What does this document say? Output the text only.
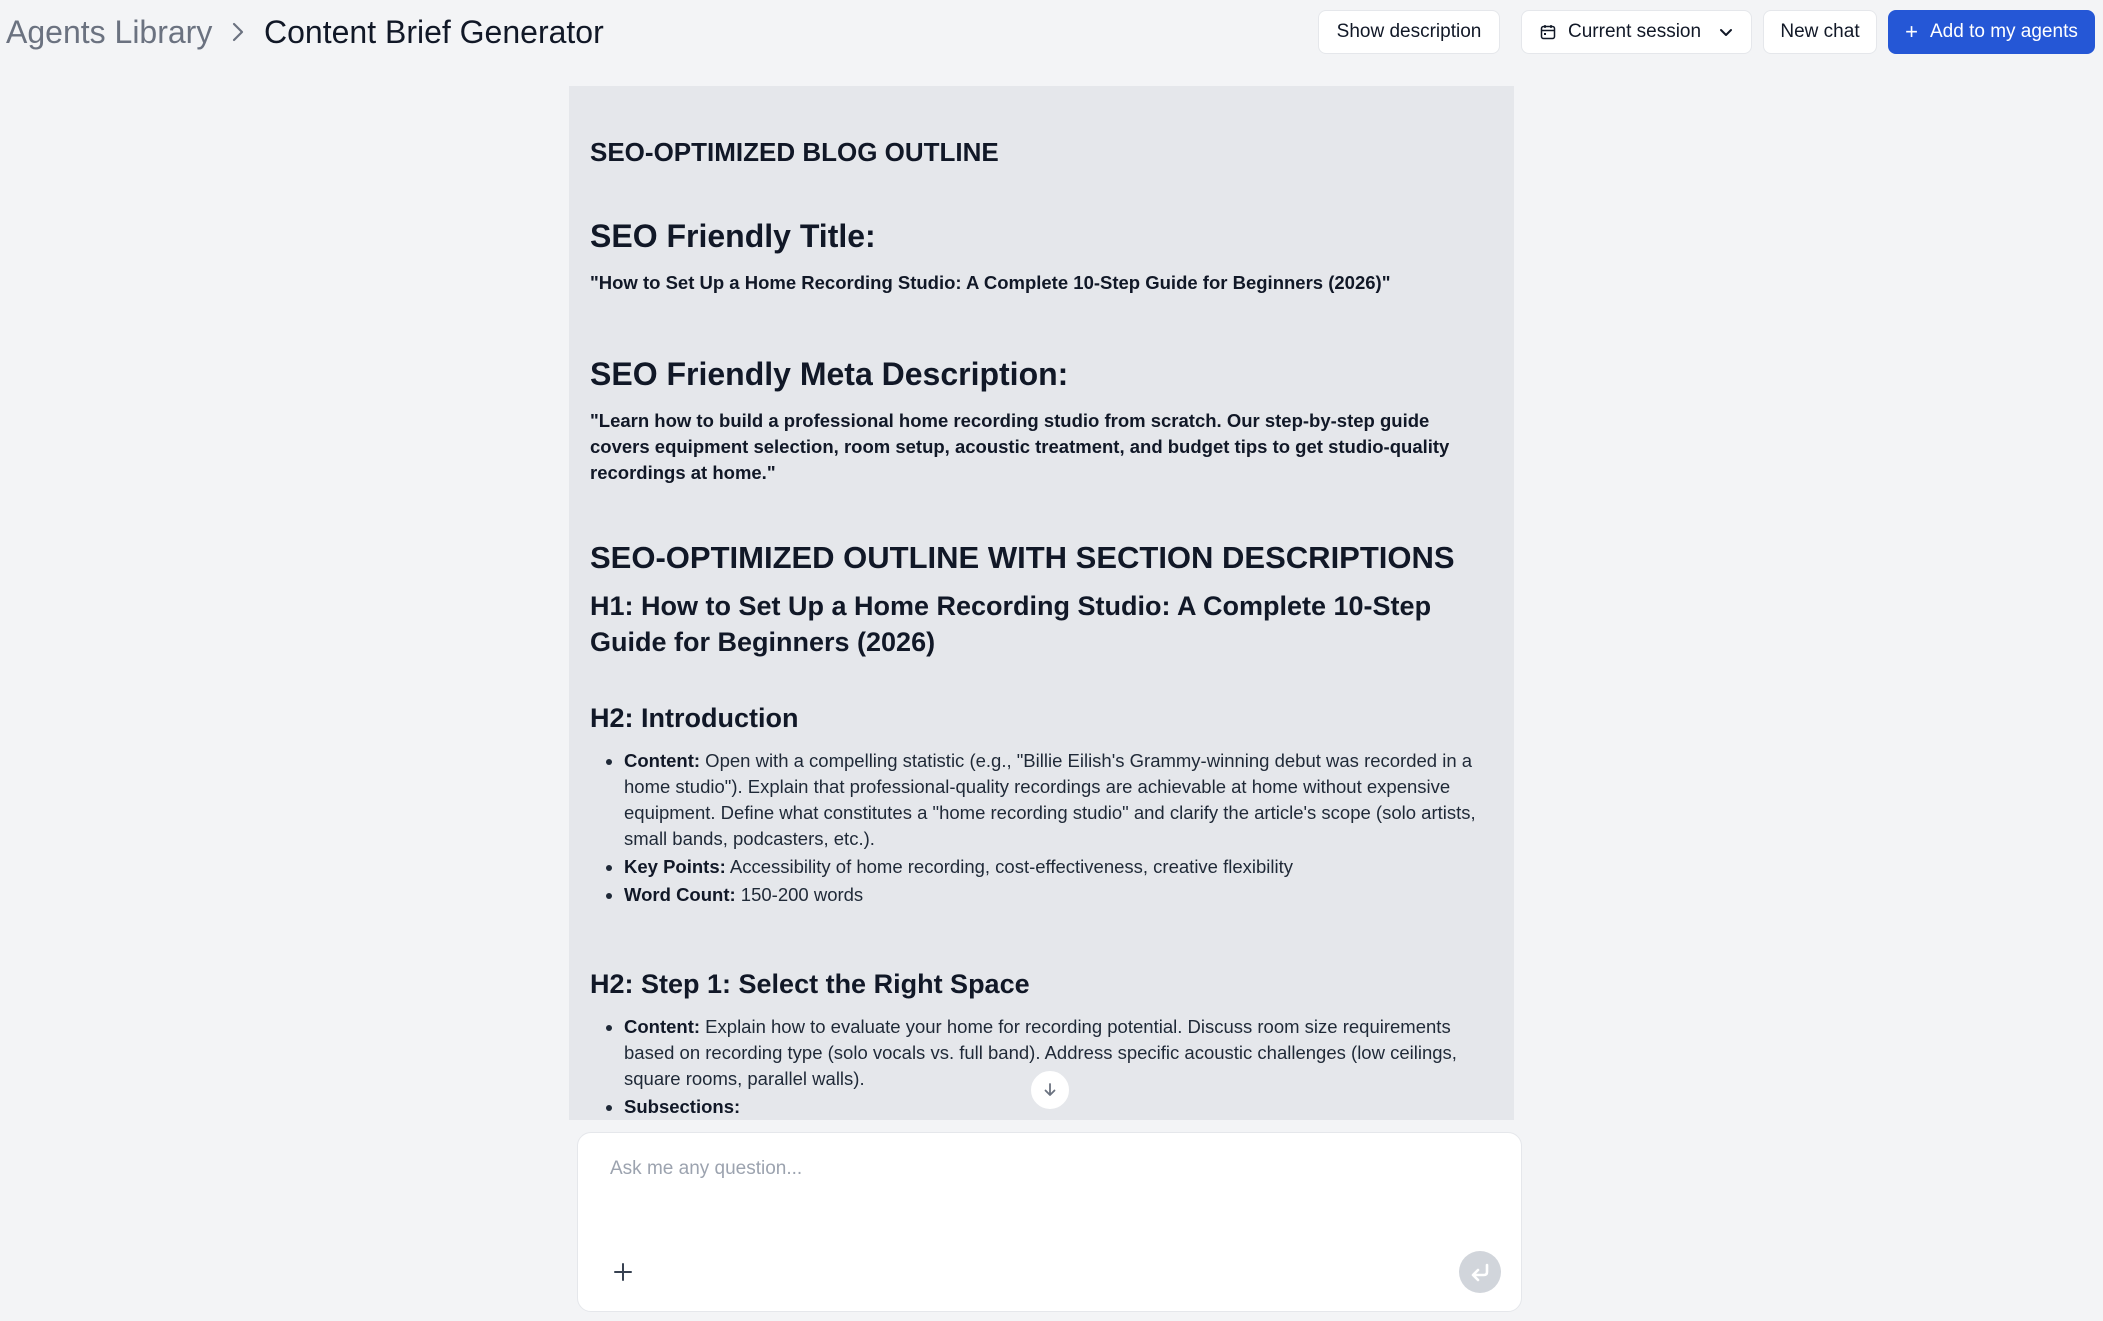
Agents Library Content Brief Generator	Show description	Current session	New chat + Add to my agents

SEO-OPTIMIZED BLOG OUTLINE

SEO Friendly Title:

"How to Set Up a Home Recording Studio: A Complete 10-Step Guide for Beginners (2026)"

SEO Friendly Meta Description:

"Learn how to build a professional home recording studio from scratch. Our step-by-step guide covers equipment selection, room setup, acoustic treatment, and budget tips to get studio-quality recordings at home."

SEO-OPTIMIZED OUTLINE WITH SECTION DESCRIPTIONS

H1: How to Set Up a Home Recording Studio: A Complete 10-Step Guide for Beginners (2026)

H2: Introduction

• Content: Open with a compelling statistic (e.g., "Billie Eilish's Grammy-winning debut was recorded in a home studio"). Explain that professional-quality recordings are achievable at home without expensive equipment. Define what constitutes a "home recording studio" and clarify the article's scope (solo artists, small bands, podcasters, etc.).
• Key Points: Accessibility of home recording, cost-effectiveness, creative flexibility
• Word Count: 150-200 words

H2: Step 1: Select the Right Space

• Content: Explain how to evaluate your home for recording potential. Discuss room size requirements based on recording type (solo vocals vs. full band). Address specific acoustic challenges (low ceilings, square rooms, parallel walls).
• Subsections:
Ask me any question...
